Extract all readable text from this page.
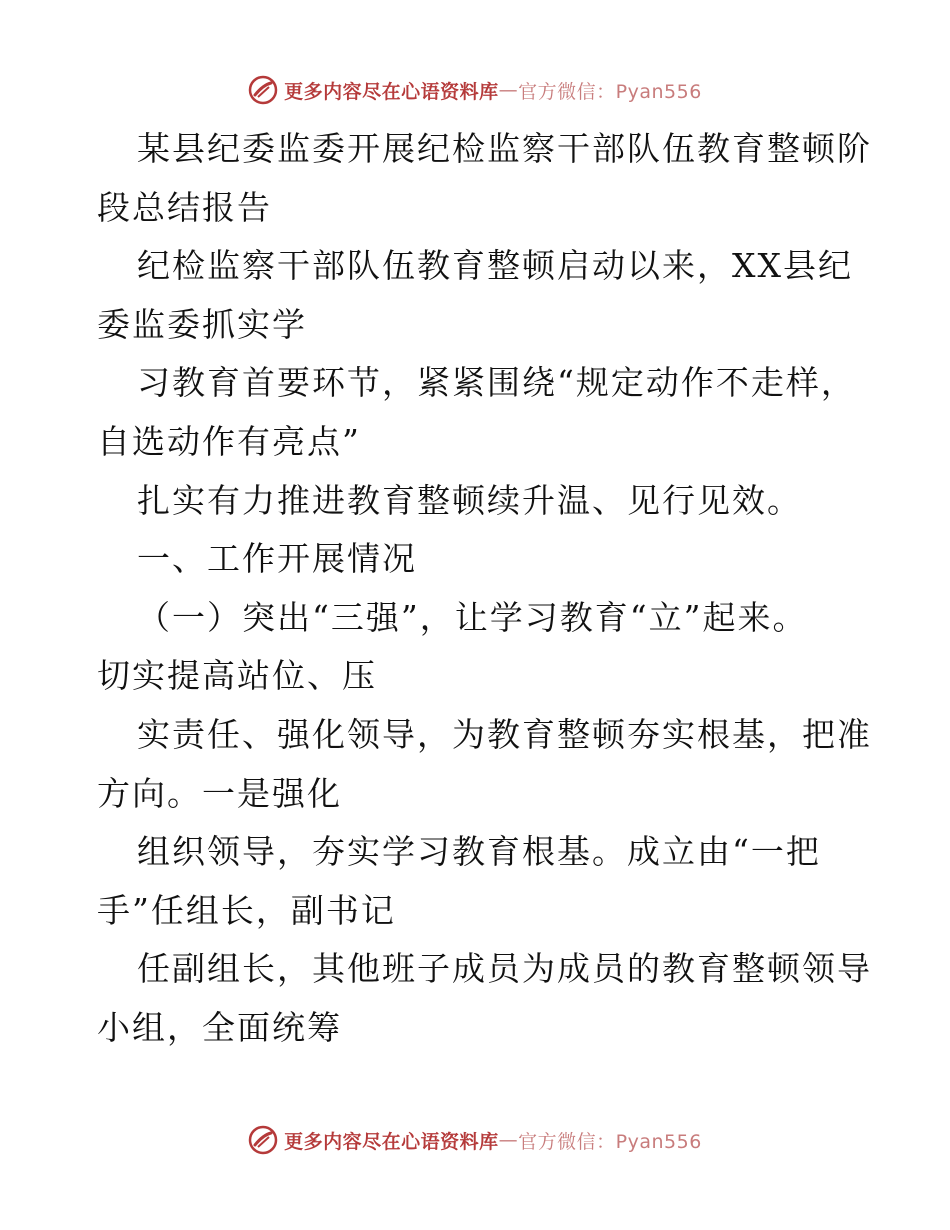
更多内容尽在心语资料库 — 官方微信：Pyan556
某县纪委监委开展纪检监察干部队伍教育整顿阶
段总结报告
纪检监察干部队伍教育整顿启动以来，XX县纪
委监委抓实学
习教育首要环节，紧紧围绕“规定动作不走样，
自选动作有亮点”
扎实有力推进教育整顿续升温、见行见效。
一、工作开展情况
（一）突出“三强”，让学习教育“立”起来。
切实提高站位、压
实责任、强化领导，为教育整顿夯实根基，把准
方向。一是强化
组织领导，夯实学习教育根基。成立由“一把
手”任组长，副书记
任副组长，其他班子成员为成员的教育整顿领导
小组，全面统筹
更多内容尽在心语资料库 — 官方微信：Pyan556
